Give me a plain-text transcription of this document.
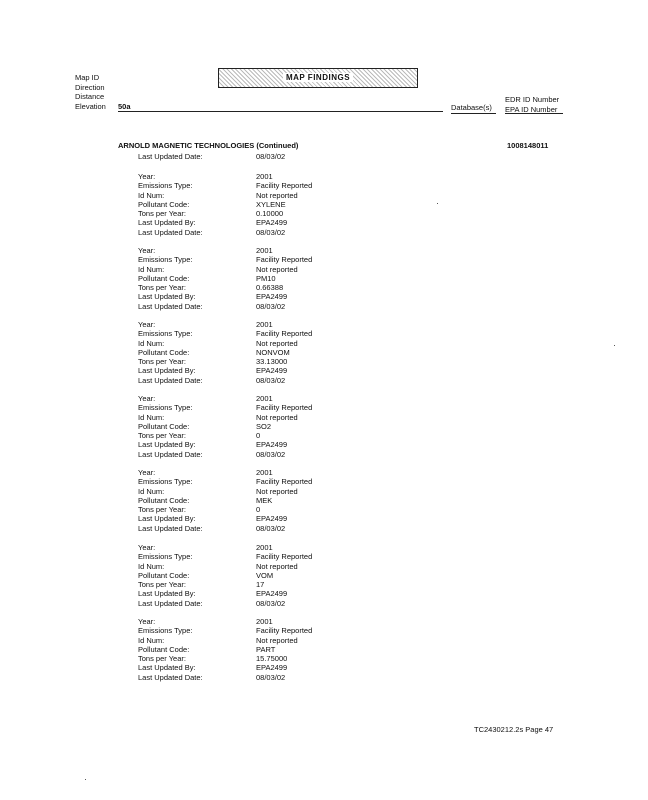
Map ID
Direction
Distance
Elevation 50a
MAP FINDINGS
Database(s)
EDR ID Number
EPA ID Number
ARNOLD MAGNETIC TECHNOLOGIES (Continued)	1008148011
Last Updated Date:	08/03/02
Year:	2001
Emissions Type:	Facility Reported
Id Num:	Not reported
Pollutant Code:	XYLENE
Tons per Year:	0.10000
Last Updated By:	EPA2499
Last Updated Date:	08/03/02
Year:	2001
Emissions Type:	Facility Reported
Id Num:	Not reported
Pollutant Code:	PM10
Tons per Year:	0.66388
Last Updated By:	EPA2499
Last Updated Date:	08/03/02
Year:	2001
Emissions Type:	Facility Reported
Id Num:	Not reported
Pollutant Code:	NONVOM
Tons per Year:	33.13000
Last Updated By:	EPA2499
Last Updated Date:	08/03/02
Year:	2001
Emissions Type:	Facility Reported
Id Num:	Not reported
Pollutant Code:	SO2
Tons per Year:	0
Last Updated By:	EPA2499
Last Updated Date:	08/03/02
Year:	2001
Emissions Type:	Facility Reported
Id Num:	Not reported
Pollutant Code:	MEK
Tons per Year:	0
Last Updated By:	EPA2499
Last Updated Date:	08/03/02
Year:	2001
Emissions Type:	Facility Reported
Id Num:	Not reported
Pollutant Code:	VOM
Tons per Year:	17
Last Updated By:	EPA2499
Last Updated Date:	08/03/02
Year:	2001
Emissions Type:	Facility Reported
Id Num:	Not reported
Pollutant Code:	PART
Tons per Year:	15.75000
Last Updated By:	EPA2499
Last Updated Date:	08/03/02
TC2430212.2s Page 47
